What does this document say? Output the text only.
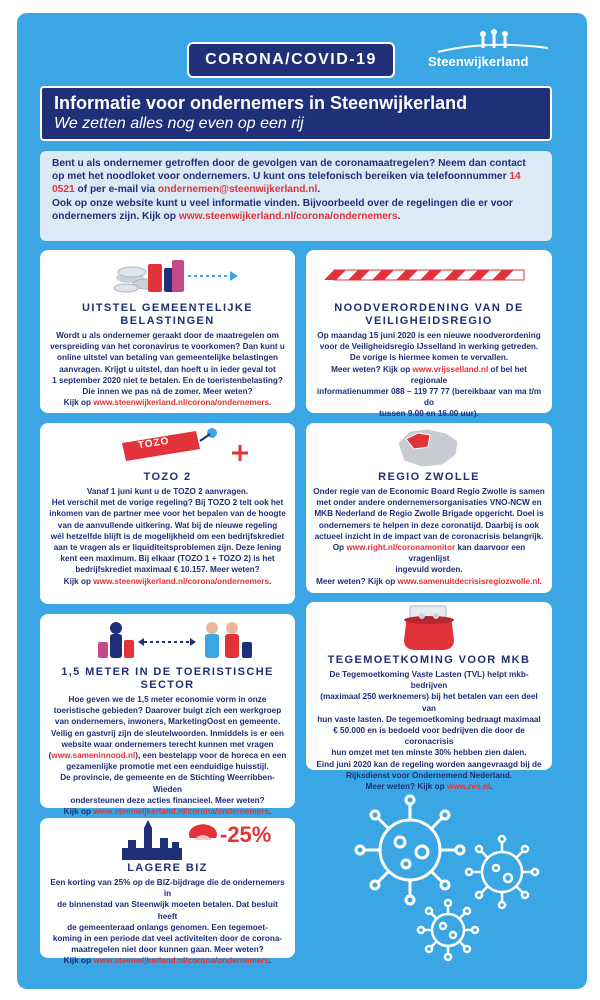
CORONA/COVID-19	Steenwijkerland
Informatie voor ondernemers in Steenwijkerland
We zetten alles nog even op een rij
Bent u als ondernemer getroffen door de gevolgen van de coronamaatregelen? Neem dan contact op met het noodloket voor ondernemers. U kunt ons telefonisch bereiken via telefoonnummer 14 0521 of per e-mail via ondernemen@steenwijkerland.nl.
Ook op onze website kunt u veel informatie vinden. Bijvoorbeeld over de regelingen die er voor ondernemers zijn. Kijk op www.steenwijkerland.nl/corona/ondernemers.
UITSTEL GEMEENTELIJKE BELASTINGEN
Wordt u als ondernemer geraakt door de maatregelen om
verspreiding van het coronavirus te voorkomen? Dan kunt u
online uitstel van betaling van gemeentelijke belastingen
aanvragen. Krijgt u uitstel, dan hoeft u in ieder geval tot
1 september 2020 niet te betalen. En de toeristenbelasting?
Die innen we pas ná de zomer. Meer weten?
Kijk op www.steenwijkerland.nl/corona/ondernemers.
NOODVERORDENING VAN DE VEILIGHEIDSREGIO
Op maandag 15 juni 2020 is een nieuwe noodverordening
voor de Veiligheidsregio IJsselland in werking getreden.
De vorige is hiermee komen te vervallen.
Meer weten? Kijk op www.vrijsselland.nl of bel het regionale
informatienummer 088 – 119 77 77 (bereikbaar van ma t/m do
tussen 9.00 en 16.00 uur).
TOZO
TOZO 2
Vanaf 1 juni kunt u de TOZO 2 aanvragen.
Het verschil met de vorige regeling? Bij TOZO 2 telt ook het
inkomen van de partner mee voor het bepalen van de hoogte
van de aanvullende uitkering. Wat bij de nieuwe regeling
wél hetzelfde blijft is de mogelijkheid om een bedrijfskrediet
aan te vragen als er liquiditeitsproblemen zijn. Deze lening
kent een maximum. Bij elkaar (TOZO 1 + TOZO 2) is het
bedrijfskrediet maximaal € 10.157. Meer weten?
Kijk op www.steenwijkerland.nl/corona/ondernemers.
REGIO ZWOLLE
Onder regie van de Economic Board Regio Zwolle is samen
met onder andere ondernemersorganisaties VNO-NCW en
MKB Nederland de Regio Zwolle Brigade opgericht. Doel is
ondernemers te helpen in deze coronatijd. Daarbij is ook
actueel inzicht in de impact van de coronacrisis belangrijk.
Op www.right.nl/coronamonitor kan daarvoor een vragenlijst
ingevuld worden.
Meer weten? Kijk op www.samenuitdecrisisregiozwolle.nl.
1,5 METER IN DE TOERISTISCHE SECTOR
Hoe geven we de 1,5 meter economie vorm in onze
toeristische gebieden? Daarover buigt zich een werkgroep
van ondernemers, inwoners, MarketingOost en gemeente.
Veilig en gastvrij zijn de sleutelwoorden. Inmiddels is er een
website waar ondernemers terecht kunnen met vragen
(www.sameninnood.nl), een bestelapp voor de horeca en een
gezamenlijke promotie met een eenduidige huisstijl.
De provincie, de gemeente en de Stichting Weerribben-Wieden
ondersteunen deze acties financieel. Meer weten?
Kijk op www.steenwijkerland.nl/corona/ondernemers.
TEGEMOETKOMING VOOR MKB
De Tegemoetkoming Vaste Lasten (TVL) helpt mkb-bedrijven
(maximaal 250 werknemers) bij het betalen van een deel van
hun vaste lasten. De tegemoetkoming bedraagt maximaal
€ 50.000 en is bedoeld voor bedrijven die door de coronacrisis
hun omzet met ten minste 30% hebben zien dalen.
Eind juni 2020 kan de regeling worden aangevraagd bij de
Rijksdienst voor Ondernemend Nederland.
Meer weten? Kijk op www.rvo.nl.
-25%
LAGERE BIZ
Een korting van 25% op de BIZ-bijdrage die de ondernemers in
de binnenstad van Steenwijk moeten betalen. Dat besluit heeft
de gemeenteraad onlangs genomen. Een tegemoet-
koming in een periode dat veel activiteiten door de corona-
maatregelen niet door kunnen gaan. Meer weten?
Kijk op www.steenwijkerland.nl/corona/ondernemers.
